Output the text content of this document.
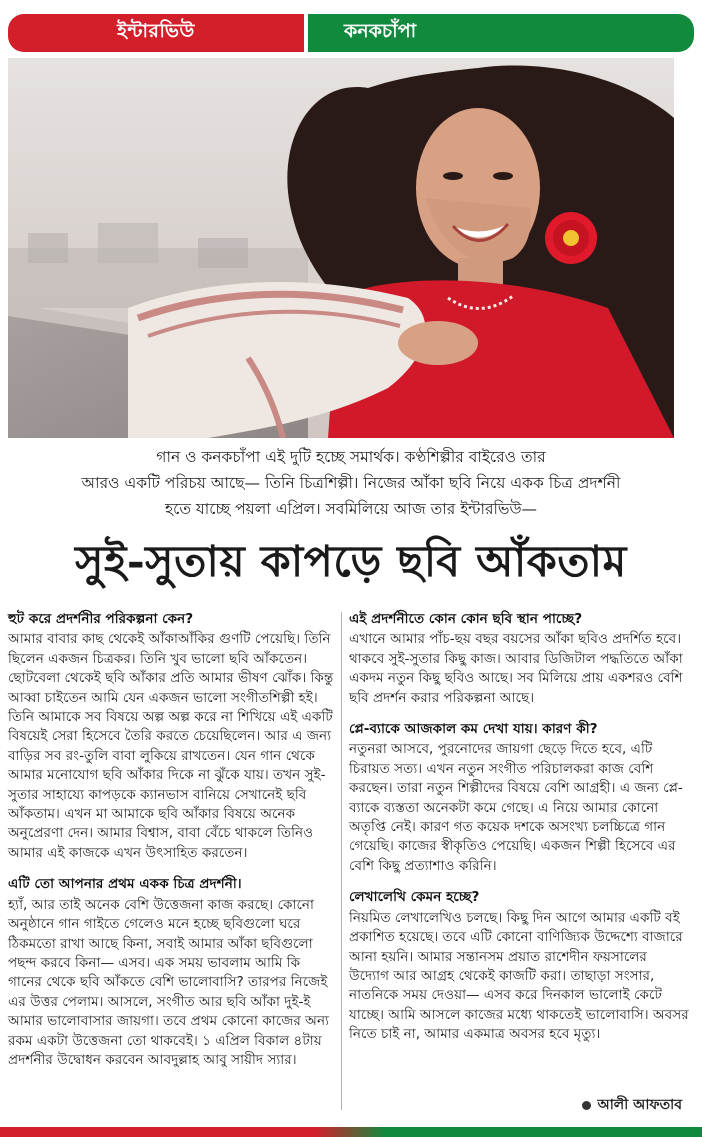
ইন্টারভিউ	কনকচাঁপা
গান ও কনকচাঁপা এই দুটি হচ্ছে সমার্থক। কণ্ঠশিল্পীর বাইরেও তার
আরও একটি পরিচয় আছে— তিনি চিত্রশিল্পী। নিজের আঁকা ছবি নিয়ে একক চিত্র প্রদর্শনী
হতে যাচ্ছে পয়লা এপ্রিল। সবমিলিয়ে আজ তার ইন্টারভিউ—
সুই-সুতায় কাপড়ে ছবি আঁকতাম
হুট করে প্রদর্শনীর পরিকল্পনা কেন?
আমার বাবার কাছ থেকেই আঁকাআঁকির গুণটি পেয়েছি। তিনি ছিলেন একজন চিত্রকর। তিনি খুব ভালো ছবি আঁকতেন। ছোটবেলা থেকেই ছবি আঁকার প্রতি আমার ভীষণ ঝোঁক। কিন্তু আব্বা চাইতেন আমি যেন একজন ভালো সংগীতশিল্পী হই। তিনি আমাকে সব বিষয়ে অল্প অল্প করে না শিখিয়ে এই একটি বিষয়েই সেরা হিসেবে তৈরি করতে চেয়েছিলেন। আর এ জন্য বাড়ির সব রং-তুলি বাবা লুকিয়ে রাখতেন। যেন গান থেকে আমার মনোযোগ ছবি আঁকার দিকে না ঝুঁকে যায়। তখন সুই-সুতার সাহায্যে কাপড়কে ক্যানভাস বানিয়ে সেখানেই ছবি আঁকতাম। এখন মা আমাকে ছবি আঁকার বিষয়ে অনেক অনুপ্রেরণা দেন। আমার বিশ্বাস, বাবা বেঁচে থাকলে তিনিও আমার এই কাজকে এখন উৎসাহিত করতেন।
এটি তো আপনার প্রথম একক চিত্র প্রদর্শনী।
হ্যাঁ, আর তাই অনেক বেশি উত্তেজনা কাজ করছে। কোনো অনুষ্ঠানে গান গাইতে গেলেও মনে হচ্ছে ছবিগুলো ঘরে ঠিকমতো রাখা আছে কিনা, সবাই আমার আঁকা ছবিগুলো পছন্দ করবে কিনা— এসব। এক সময় ভাবলাম আমি কি গানের থেকে ছবি আঁকতে বেশি ভালোবাসি? তারপর নিজেই এর উত্তর পেলাম। আসলে, সংগীত আর ছবি আঁকা দুই-ই আমার ভালোবাসার জায়গা। তবে প্রথম কোনো কাজের অন্য রকম একটা উত্তেজনা তো থাকবেই। ১ এপ্রিল বিকাল ৪টায় প্রদর্শনীর উদ্বোধন করবেন আবদুল্লাহ আবু সায়ীদ স্যার।
এই প্রদর্শনীতে কোন কোন ছবি স্থান পাচ্ছে?
এখানে আমার পাঁচ-ছয় বছর বয়সের আঁকা ছবিও প্রদর্শিত হবে। থাকবে সুই-সুতার কিছু কাজ। আবার ডিজিটাল পদ্ধতিতে আঁকা একদম নতুন কিছু ছবিও আছে। সব মিলিয়ে প্রায় একশরও বেশি ছবি প্রদর্শন করার পরিকল্পনা আছে।
প্লে-ব্যাকে আজকাল কম দেখা যায়। কারণ কী?
নতুনরা আসবে, পুরনোদের জায়গা ছেড়ে দিতে হবে, এটি চিরায়ত সত্য। এখন নতুন সংগীত পরিচালকরা কাজ বেশি করছেন। তারা নতুন শিল্পীদের বিষয়ে বেশি আগ্রহী। এ জন্য প্লে-ব্যাকে ব্যস্ততা অনেকটা কমে গেছে। এ নিয়ে আমার কোনো অতৃপ্তি নেই। কারণ গত কয়েক দশকে অসংখ্য চলচ্চিত্রে গান গেয়েছি। কাজের স্বীকৃতিও পেয়েছি। একজন শিল্পী হিসেবে এর বেশি কিছু প্রত্যাশাও করিনি।
লেখালেখি কেমন হচ্ছে?
নিয়মিত লেখালেখিও চলছে। কিছু দিন আগে আমার একটি বই প্রকাশিত হয়েছে। তবে এটি কোনো বাণিজ্যিক উদ্দেশ্যে বাজারে আনা হয়নি। আমার সন্তানসম প্রয়াত রাশেদীন ফয়সালের উদ্যোগ আর আগ্রহ থেকেই কাজটি করা। তাছাড়া সংসার, নাতনিকে সময় দেওয়া— এসব করে দিনকাল ভালোই কেটে যাচ্ছে। আমি আসলে কাজের মধ্যে থাকতেই ভালোবাসি। অবসর নিতে চাই না, আমার একমাত্র অবসর হবে মৃত্যু।
আলী আফতাব
